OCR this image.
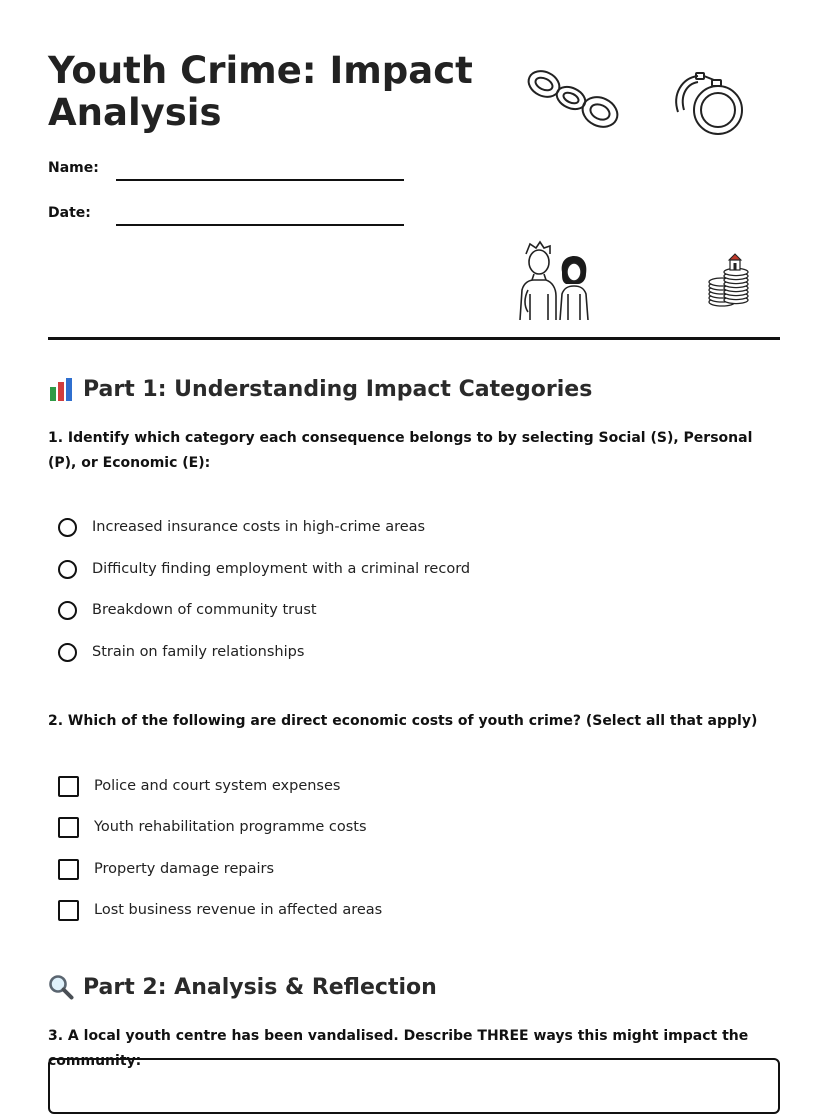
Youth Crime: Impact Analysis
Name:
Date:
Part 1: Understanding Impact Categories

1. Identify which category each consequence belongs to by selecting Social (S), Personal (P), or Economic (E):

Increased insurance costs in high-crime areas
Difficulty finding employment with a criminal record
Breakdown of community trust
Strain on family relationships

2. Which of the following are direct economic costs of youth crime? (Select all that apply)

Police and court system expenses
Youth rehabilitation programme costs
Property damage repairs
Lost business revenue in affected areas
Part 2: Analysis & Reflection

3. A local youth centre has been vandalised. Describe THREE ways this might impact the community:
